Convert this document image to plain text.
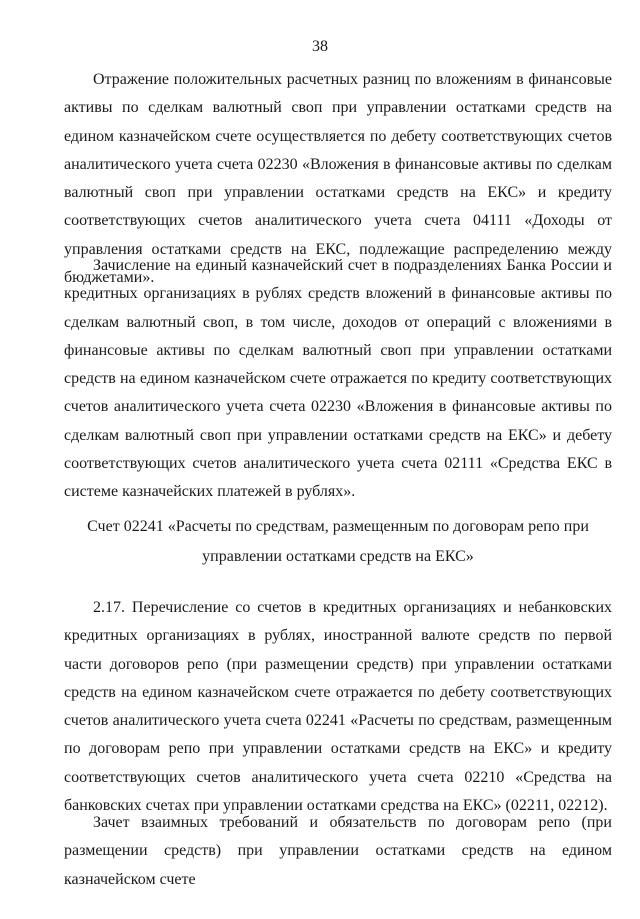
38

Отражение положительных расчетных разниц по вложениям в финансовые активы по сделкам валютный своп при управлении остатками средств на едином казначейском счете осуществляется по дебету соответствующих счетов аналитического учета счета 02230 «Вложения в финансовые активы по сделкам валютный своп при управлении остатками средств на ЕКС» и кредиту соответствующих счетов аналитического учета счета 04111 «Доходы от управления остатками средств на ЕКС, подлежащие распределению между бюджетами».

Зачисление на единый казначейский счет в подразделениях Банка России и кредитных организациях в рублях средств вложений в финансовые активы по сделкам валютный своп, в том числе, доходов от операций с вложениями в финансовые активы по сделкам валютный своп при управлении остатками средств на едином казначейском счете отражается по кредиту соответствующих счетов аналитического учета счета 02230 «Вложения в финансовые активы по сделкам валютный своп при управлении остатками средств на ЕКС» и дебету соответствующих счетов аналитического учета счета 02111 «Средства ЕКС в системе казначейских платежей в рублях».

Счет 02241 «Расчеты по средствам, размещенным по договорам репо при
управлении остатками средств на ЕКС»

2.17. Перечисление со счетов в кредитных организациях и небанковских кредитных организациях в рублях, иностранной валюте средств по первой части договоров репо (при размещении средств) при управлении остатками средств на едином казначейском счете отражается по дебету соответствующих счетов аналитического учета счета 02241 «Расчеты по средствам, размещенным по договорам репо при управлении остатками средств на ЕКС» и кредиту соответствующих счетов аналитического учета счета 02210 «Средства на банковских счетах при управлении остатками средства на ЕКС» (02211, 02212).

Зачет взаимных требований и обязательств по договорам репо (при размещении средств) при управлении остатками средств на едином казначейском счете
